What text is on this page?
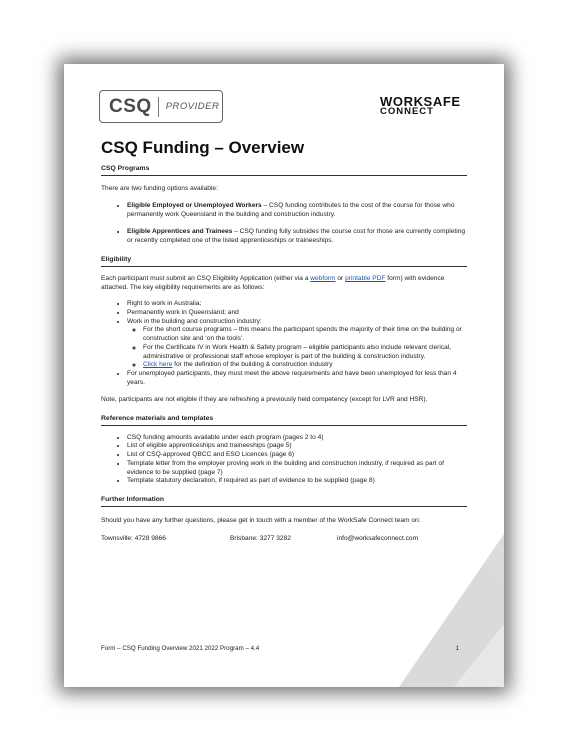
CSQ PROVIDER	WORKSAFE
CONNECT
CSQ Funding – Overview
CSQ Programs

There are two funding options available:

• Eligible Employed or Unemployed Workers – CSQ funding contributes to the cost of the course for those who permanently work Queensland in the building and construction industry.
• Eligible Apprentices and Trainees – CSQ funding fully subsides the course cost for those are currently completing or recently completed one of the listed apprenticeships or traineeships.
Eligibility

Each participant must submit an CSQ Eligibility Application (either via a webform or printable PDF form) with evidence attached. The key eligibility requirements are as follows:

• Right to work in Australia;
• Permanently work in Queensland; and
• Work in the building and construction industry:
◦ For the short course programs – this means the participant spends the majority of their time on the building or construction site and ‘on the tools’.
◦ For the Certificate IV in Work Health & Safety program – eligible participants also include relevant clerical, administrative or professional staff whose employer is part of the building & construction industry.
◦ Click here for the definition of the building & construction industry
• For unemployed participants, they must meet the above requirements and have been unemployed for less than 4 years.

Note, participants are not eligible if they are refreshing a previously held competency (except for LVR and HSR).

Reference materials and templates
• CSQ funding amounts available under each program (pages 2 to 4)
• List of eligible apprenticeships and traineeships (page 5)
• List of CSQ-approved QBCC and ESO Licences (page 6)
• Template letter from the employer proving work in the building and construction industry, if required as part of evidence to be supplied (page 7)
• Template statutory declaration, if required as part of evidence to be supplied (page 8)
Further Information

Should you have any further questions, please get in touch with a member of the WorkSafe Connect team on:

Townsville: 4728 9866	Brisbane: 3277 3282	info@worksafeconnect.com
Form – CSQ Funding Overview 2021 2022 Program – 4.4	1
